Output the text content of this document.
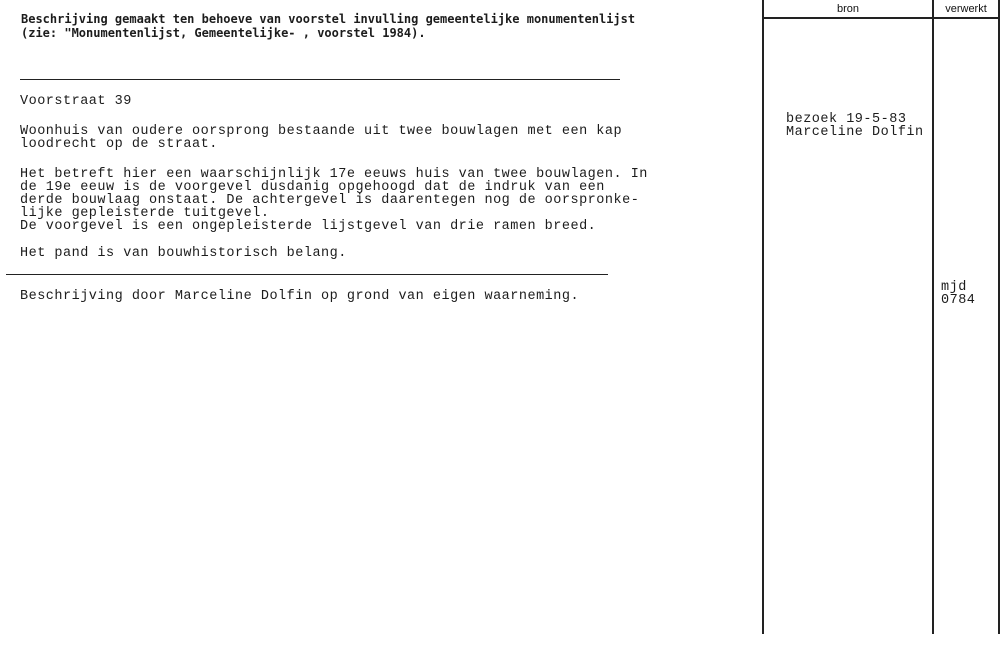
bron	verwerkt
Beschrijving gemaakt ten behoeve van voorstel invulling gemeentelijke monumentenlijst
(zie: "Monumentenlijst, Gemeentelijke- , voorstel 1984).
Voorstraat 39
Woonhuis van oudere oorsprong bestaande uit twee bouwlagen met een kap
loodrecht op de straat.
Het betreft hier een waarschijnlijk 17e eeuws huis van twee bouwlagen. In
de 19e eeuw is de voorgevel dusdanig opgehoogd dat de indruk van een
derde bouwlaag onstaat. De achtergevel is daarentegen nog de oorspronke-
lijke gepleisterde tuitgevel.
De voorgevel is een ongepleisterde lijstgevel van drie ramen breed.
Het pand is van bouwhistorisch belang.
Beschrijving door Marceline Dolfin op grond van eigen waarneming.
bezoek 19-5-83
Marceline Dolfin
mjd
0784
